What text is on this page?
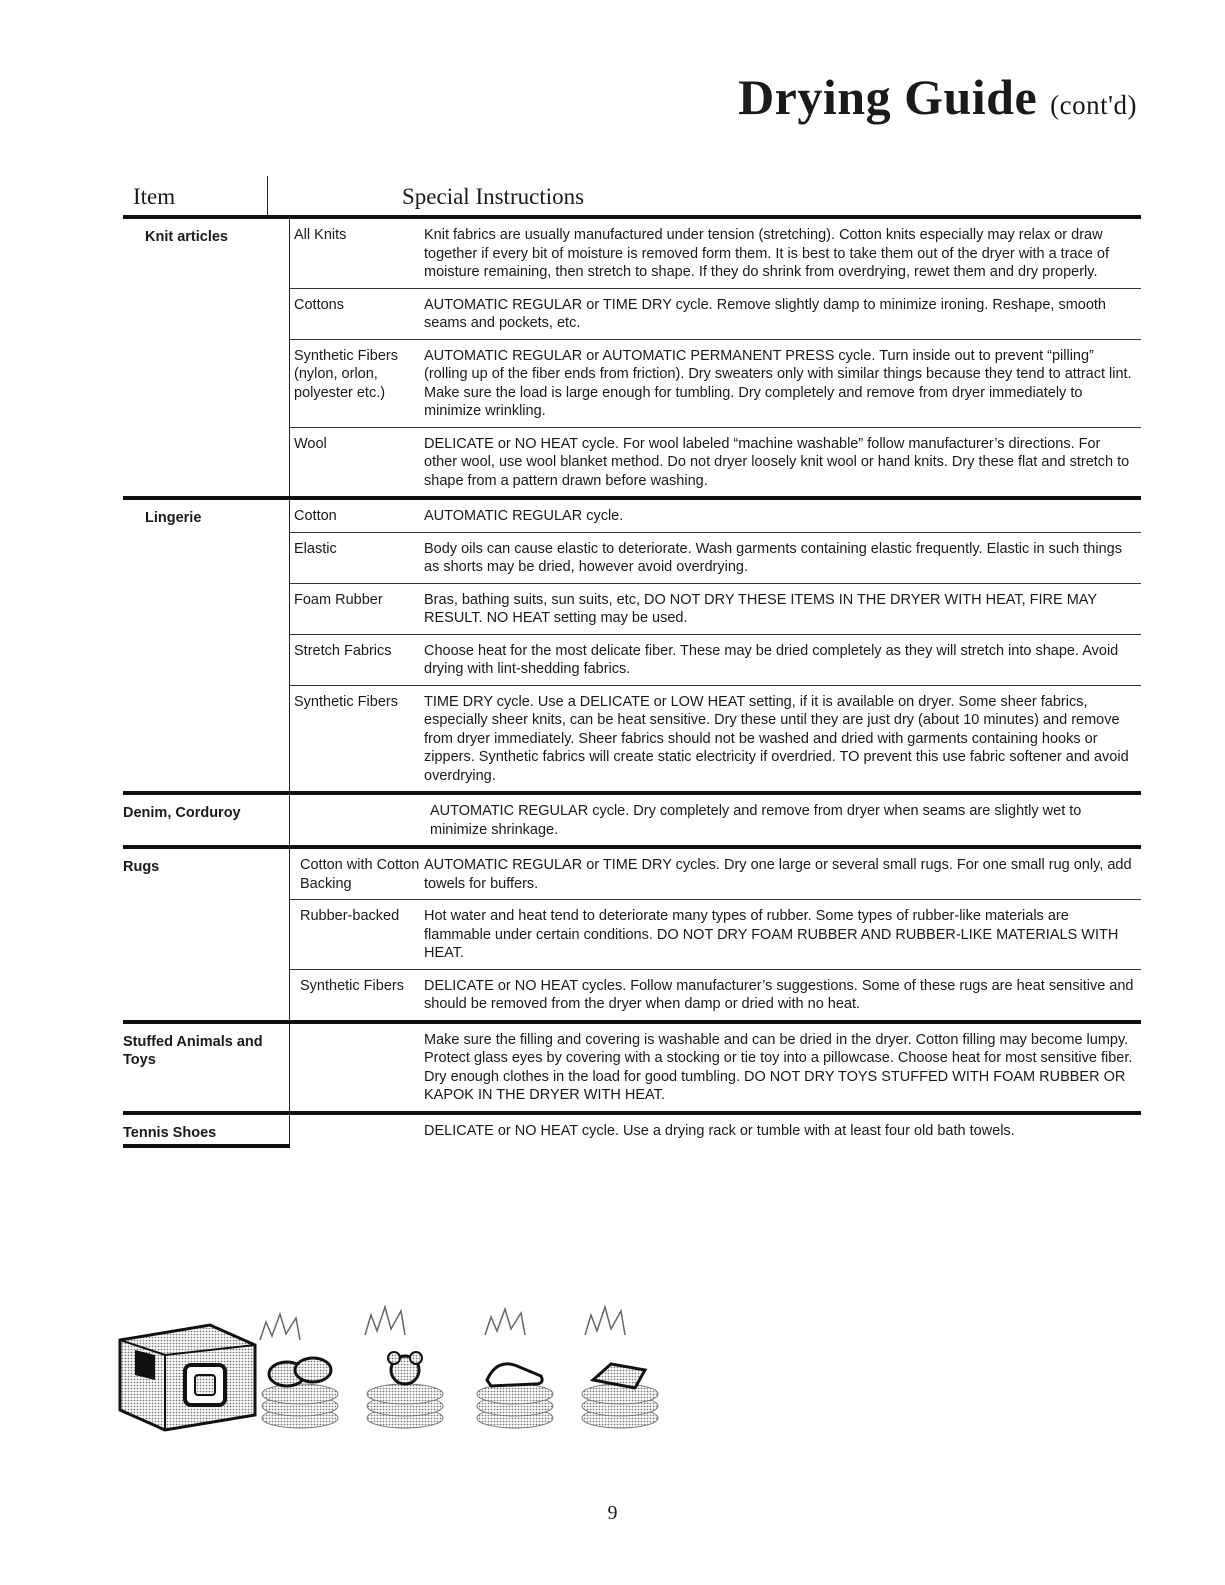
Drying Guide (cont'd)
Item	Special Instructions
Knit articles	All Knits	Knit fabrics are usually manufactured under tension (stretching). Cotton knits especially may relax or draw together if every bit of moisture is removed form them. It is best to take them out of the dryer with a trace of moisture remaining, then stretch to shape. If they do shrink from overdrying, rewet them and dry properly.
	Cottons	AUTOMATIC REGULAR or TIME DRY cycle. Remove slightly damp to minimize ironing. Reshape, smooth seams and pockets, etc.
	Synthetic Fibers (nylon, orlon, polyester etc.)	AUTOMATIC REGULAR or AUTOMATIC PERMANENT PRESS cycle. Turn inside out to prevent “pilling” (rolling up of the fiber ends from friction). Dry sweaters only with similar things because they tend to attract lint. Make sure the load is large enough for tumbling. Dry completely and remove from dryer immediately to minimize wrinkling.
	Wool	DELICATE or NO HEAT cycle. For wool labeled “machine washable” follow manufacturer’s directions. For other wool, use wool blanket method. Do not dryer loosely knit wool or hand knits. Dry these flat and stretch to shape from a pattern drawn before washing.
Lingerie	Cotton	AUTOMATIC REGULAR cycle.
	Elastic	Body oils can cause elastic to deteriorate. Wash garments containing elastic frequently. Elastic in such things as shorts may be dried, however avoid overdrying.
	Foam Rubber	Bras, bathing suits, sun suits, etc, DO NOT DRY THESE ITEMS IN THE DRYER WITH HEAT, FIRE MAY RESULT. NO HEAT setting may be used.
	Stretch Fabrics	Choose heat for the most delicate fiber. These may be dried completely as they will stretch into shape. Avoid drying with lint-shedding fabrics.
	Synthetic Fibers	TIME DRY cycle. Use a DELICATE or LOW HEAT setting, if it is available on dryer. Some sheer fabrics, especially sheer knits, can be heat sensitive. Dry these until they are just dry (about 10 minutes) and remove from dryer immediately. Sheer fabrics should not be washed and dried with garments containing hooks or zippers. Synthetic fabrics will create static electricity if overdried. TO prevent this use fabric softener and avoid overdrying.
Denim, Corduroy		AUTOMATIC REGULAR cycle. Dry completely and remove from dryer when seams are slightly wet to minimize shrinkage.
Rugs	Cotton with Cotton Backing	AUTOMATIC REGULAR or TIME DRY cycles. Dry one large or several small rugs. For one small rug only, add towels for buffers.
	Rubber-backed	Hot water and heat tend to deteriorate many types of rubber. Some types of rubber-like materials are flammable under certain conditions. DO NOT DRY FOAM RUBBER AND RUBBER-LIKE MATERIALS WITH HEAT.
	Synthetic Fibers	DELICATE or NO HEAT cycles. Follow manufacturer’s suggestions. Some of these rugs are heat sensitive and should be removed from the dryer when damp or dried with no heat.
Stuffed Animals and Toys		Make sure the filling and covering is washable and can be dried in the dryer. Cotton filling may become lumpy. Protect glass eyes by covering with a stocking or tie toy into a pillowcase. Choose heat for most sensitive fiber. Dry enough clothes in the load for good tumbling. DO NOT DRY TOYS STUFFED WITH FOAM RUBBER OR KAPOK IN THE DRYER WITH HEAT.
Tennis Shoes		DELICATE or NO HEAT cycle. Use a drying rack or tumble with at least four old bath towels.
9
